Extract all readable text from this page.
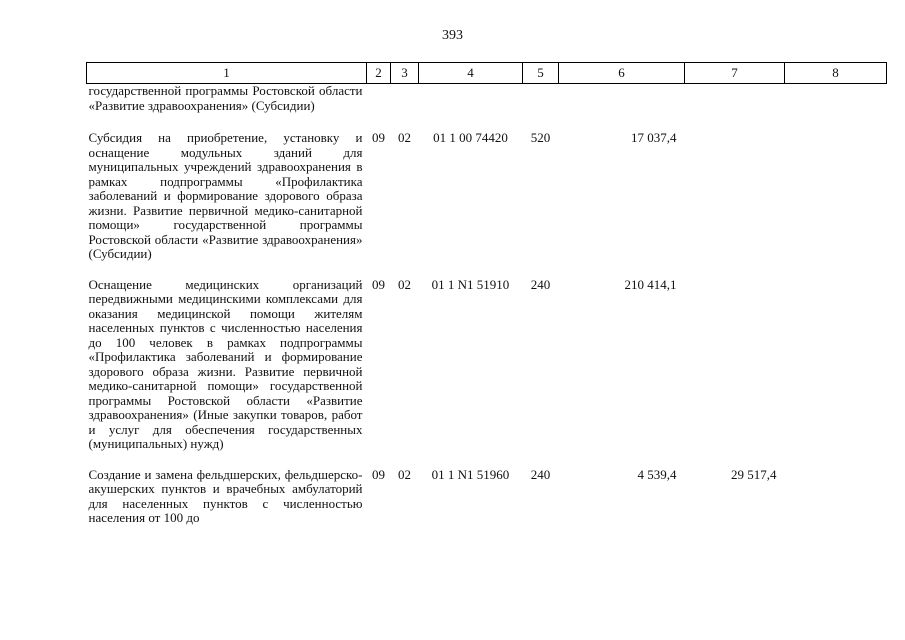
393
1	2	3	4	5	6	7	8
государственной программы Ростовской области «Развитие здравоохранения» (Субсидии)							
Субсидия на приобретение, установку и оснащение модульных зданий для муниципальных учреждений здравоохранения в рамках подпрограммы «Профилактика заболеваний и формирование здорового образа жизни. Развитие первичной медико-санитарной помощи» государственной программы Ростовской области «Развитие здравоохранения» (Субсидии)	09	02	01 1 00 74420	520	17 037,4		
Оснащение медицинских организаций передвижными медицинскими комплексами для оказания медицинской помощи жителям населенных пунктов с численностью населения до 100 человек в рамках подпрограммы «Профилактика заболеваний и формирование здорового образа жизни. Развитие первичной медико-санитарной помощи» государственной программы Ростовской области «Развитие здравоохранения» (Иные закупки товаров, работ и услуг для обеспечения государственных (муниципальных) нужд)	09	02	01 1 N1 51910	240	210 414,1		
Создание и замена фельдшерских, фельдшерско-акушерских пунктов и врачебных амбулаторий для населенных пунктов с численностью населения от 100 до	09	02	01 1 N1 51960	240	4 539,4	29 517,4	
